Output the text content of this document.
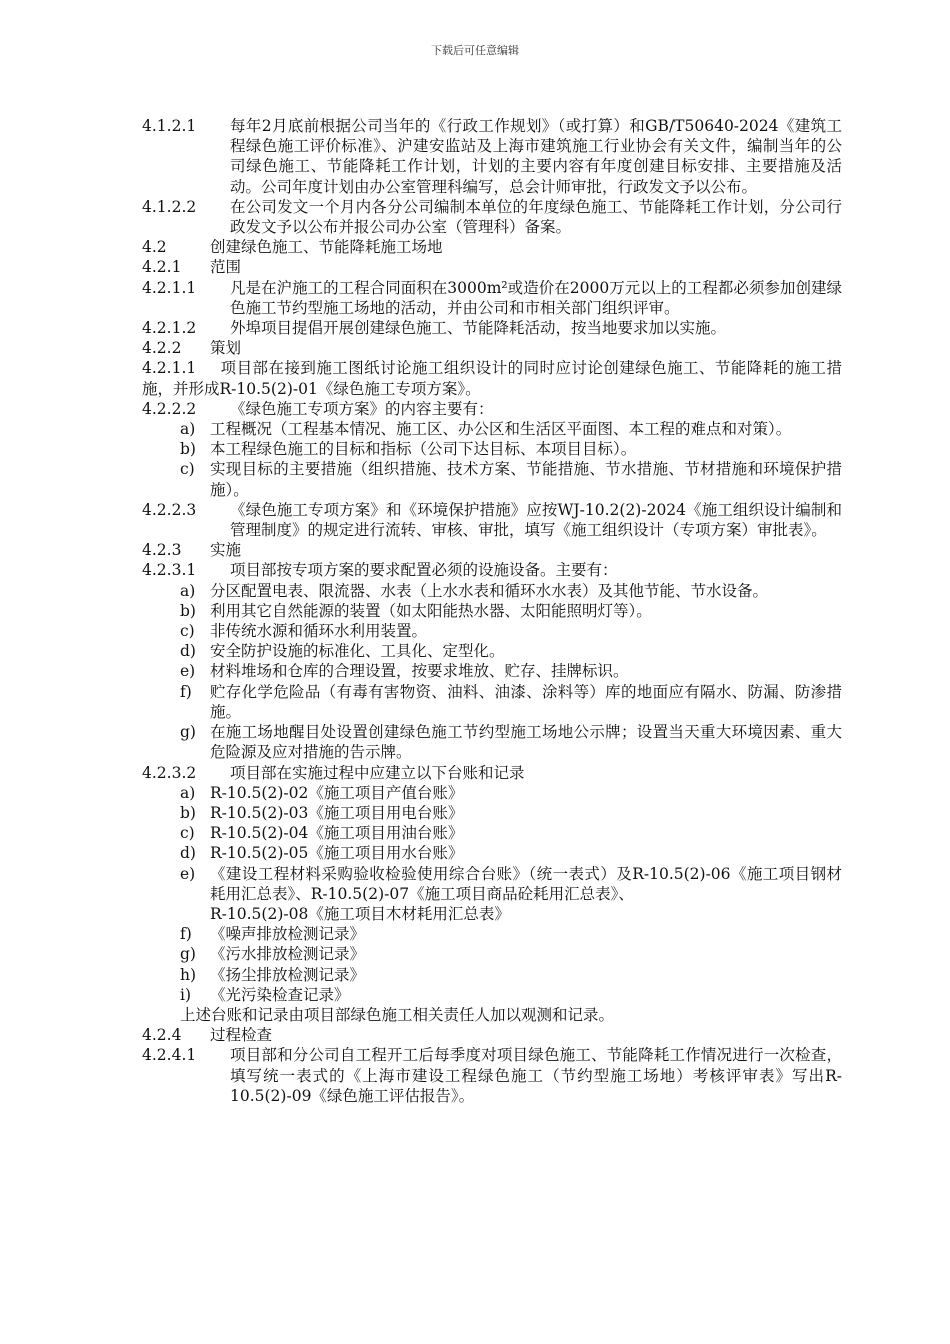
下载后可任意编辑
4.1.2.1 每年2月底前根据公司当年的《行政工作规划》（或打算）和GB/T50640-2024《建筑工程绿色施工评价标准》、沪建安监站及上海市建筑施工行业协会有关文件，编制当年的公司绿色施工、节能降耗工作计划，计划的主要内容有年度创建目标安排、主要措施及活动。公司年度计划由办公室管理科编写，总会计师审批，行政发文予以公布。
4.1.2.2 在公司发文一个月内各分公司编制本单位的年度绿色施工、节能降耗工作计划，分公司行政发文予以公布并报公司办公室（管理科）备案。
4.2	创建绿色施工、节能降耗施工场地
4.2.1 范围
4.2.1.1 凡是在沪施工的工程合同面积在3000m²或造价在2000万元以上的工程都必须参加创建绿色施工节约型施工场地的活动，并由公司和市相关部门组织评审。
4.2.1.2 外埠项目提倡开展创建绿色施工、节能降耗活动，按当地要求加以实施。
4.2.2 策划
4.2.1.1 项目部在接到施工图纸讨论施工组织设计的同时应讨论创建绿色施工、节能降耗的施工措施，并形成R-10.5(2)-01《绿色施工专项方案》。
4.2.2.2 《绿色施工专项方案》的内容主要有：
a) 工程概况（工程基本情况、施工区、办公区和生活区平面图、本工程的难点和对策）。
b) 本工程绿色施工的目标和指标（公司下达目标、本项目目标）。
c) 实现目标的主要措施（组织措施、技术方案、节能措施、节水措施、节材措施和环境保护措施）。
4.2.2.3 《绿色施工专项方案》和《环境保护措施》应按WJ-10.2(2)-2024《施工组织设计编制和管理制度》的规定进行流转、审核、审批，填写《施工组织设计（专项方案）审批表》。
4.2.3 实施
4.2.3.1 项目部按专项方案的要求配置必须的设施设备。主要有：
a) 分区配置电表、限流器、水表（上水水表和循环水水表）及其他节能、节水设备。
b) 利用其它自然能源的装置（如太阳能热水器、太阳能照明灯等）。
c) 非传统水源和循环水利用装置。
d) 安全防护设施的标准化、工具化、定型化。
e) 材料堆场和仓库的合理设置，按要求堆放、贮存、挂牌标识。
f) 贮存化学危险品（有毒有害物资、油料、油漆、涂料等）库的地面应有隔水、防漏、防渗措施。
g) 在施工场地醒目处设置创建绿色施工节约型施工场地公示牌；设置当天重大环境因素、重大危险源及应对措施的告示牌。
4.2.3.2 项目部在实施过程中应建立以下台账和记录
a) R-10.5(2)-02《施工项目产值台账》
b) R-10.5(2)-03《施工项目用电台账》
c) R-10.5(2)-04《施工项目用油台账》
d) R-10.5(2)-05《施工项目用水台账》
e) 《建设工程材料采购验收检验使用综合台账》（统一表式）及R-10.5(2)-06《施工项目钢材耗用汇总表》、R-10.5(2)-07《施工项目商品砼耗用汇总表》、
R-10.5(2)-08《施工项目木材耗用汇总表》
f) 《噪声排放检测记录》
g) 《污水排放检测记录》
h) 《扬尘排放检测记录》
i) 《光污染检查记录》
上述台账和记录由项目部绿色施工相关责任人加以观测和记录。
4.2.4 过程检查
4.2.4.1 项目部和分公司自工程开工后每季度对项目绿色施工、节能降耗工作情况进行一次检查，填写统一表式的《上海市建设工程绿色施工（节约型施工场地）考核评审表》写出R-10.5(2)-09《绿色施工评估报告》。
